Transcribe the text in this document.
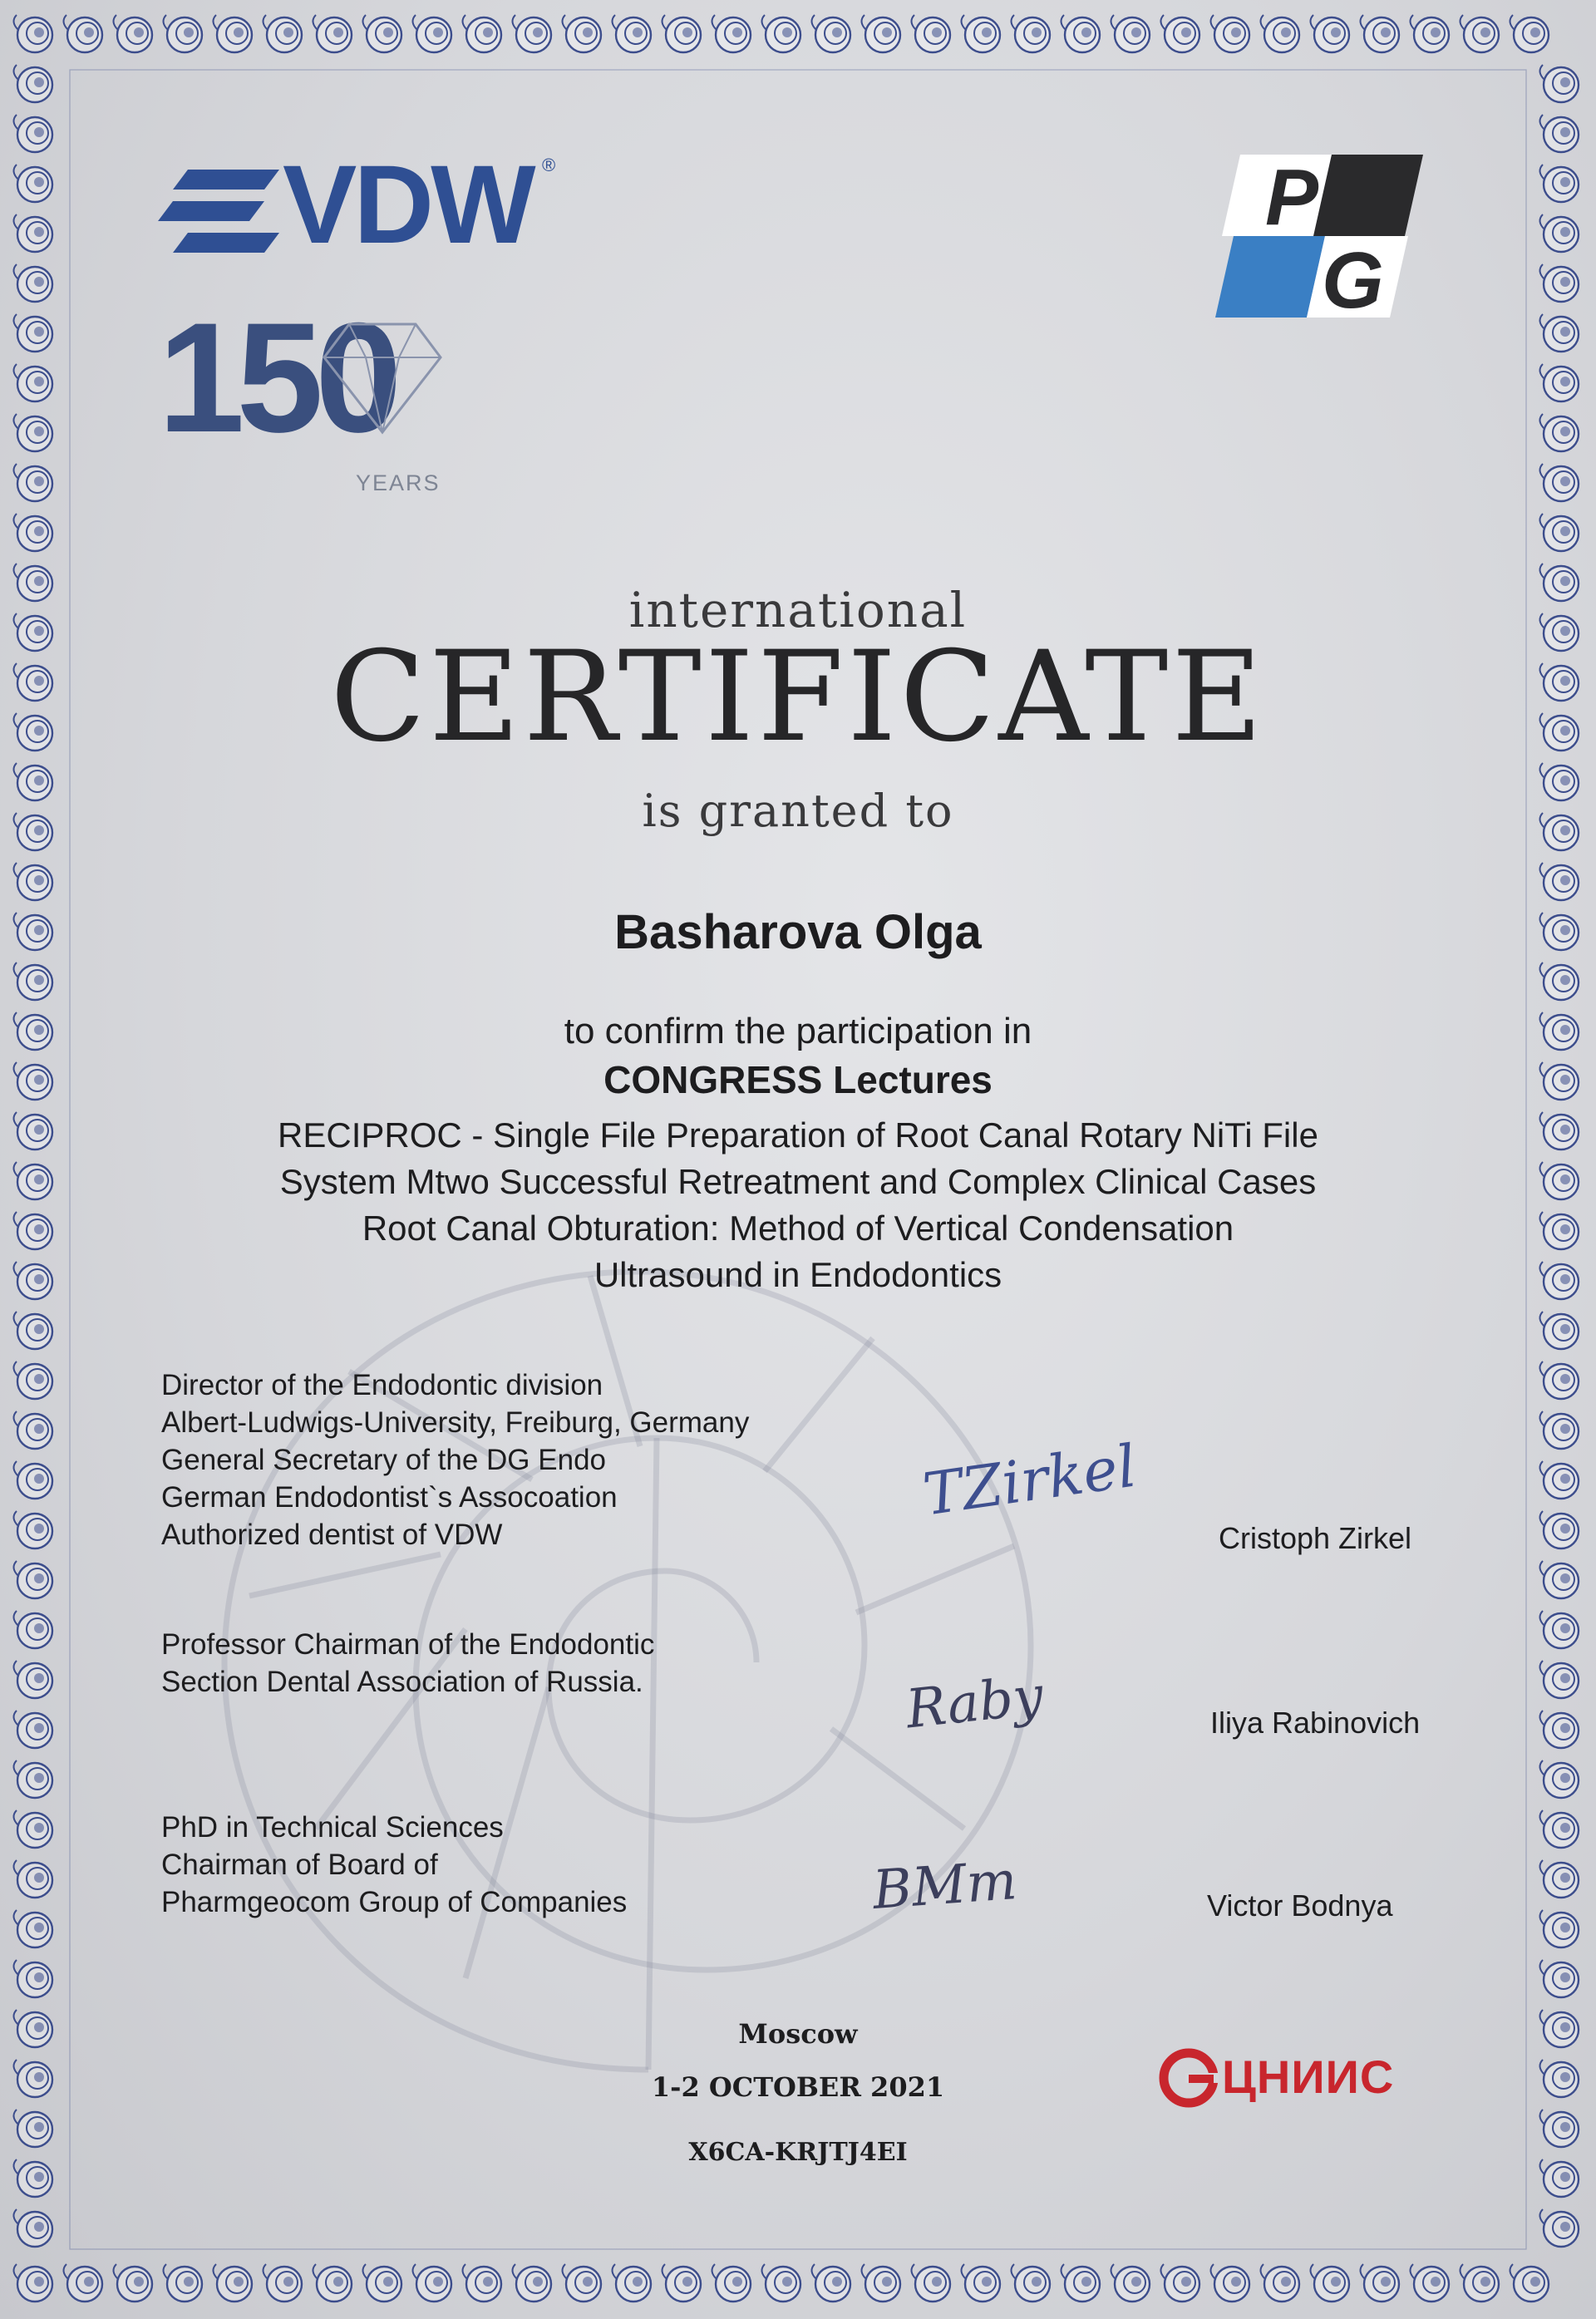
VDW ®
150
YEARS
P
G
international
CERTIFICATE
is granted to
Basharova Olga
to confirm the participation in
CONGRESS Lectures
RECIPROC - Single File Preparation of Root Canal Rotary NiTi File
System Mtwo Successful Retreatment and Complex Clinical Cases
Root Canal Obturation: Method of Vertical Condensation
Ultrasound in Endodontics
Director of the Endodontic division
Albert-Ludwigs-University, Freiburg, Germany
General Secretary of the DG Endo
German Endodontist`s Assocoation
Authorized dentist of VDW
TZirkel
Cristoph Zirkel
Professor Chairman of the Endodontic
Section Dental Association of Russia.	Raby	Iliya Rabinovich
PhD in Technical Sciences
Chairman of Board of
Pharmgeocom Group of Companies	BMm	Victor Bodnya
Moscow
1-2 OCTOBER 2021
X6CA-KRJTJ4EI
ЦНИИС
